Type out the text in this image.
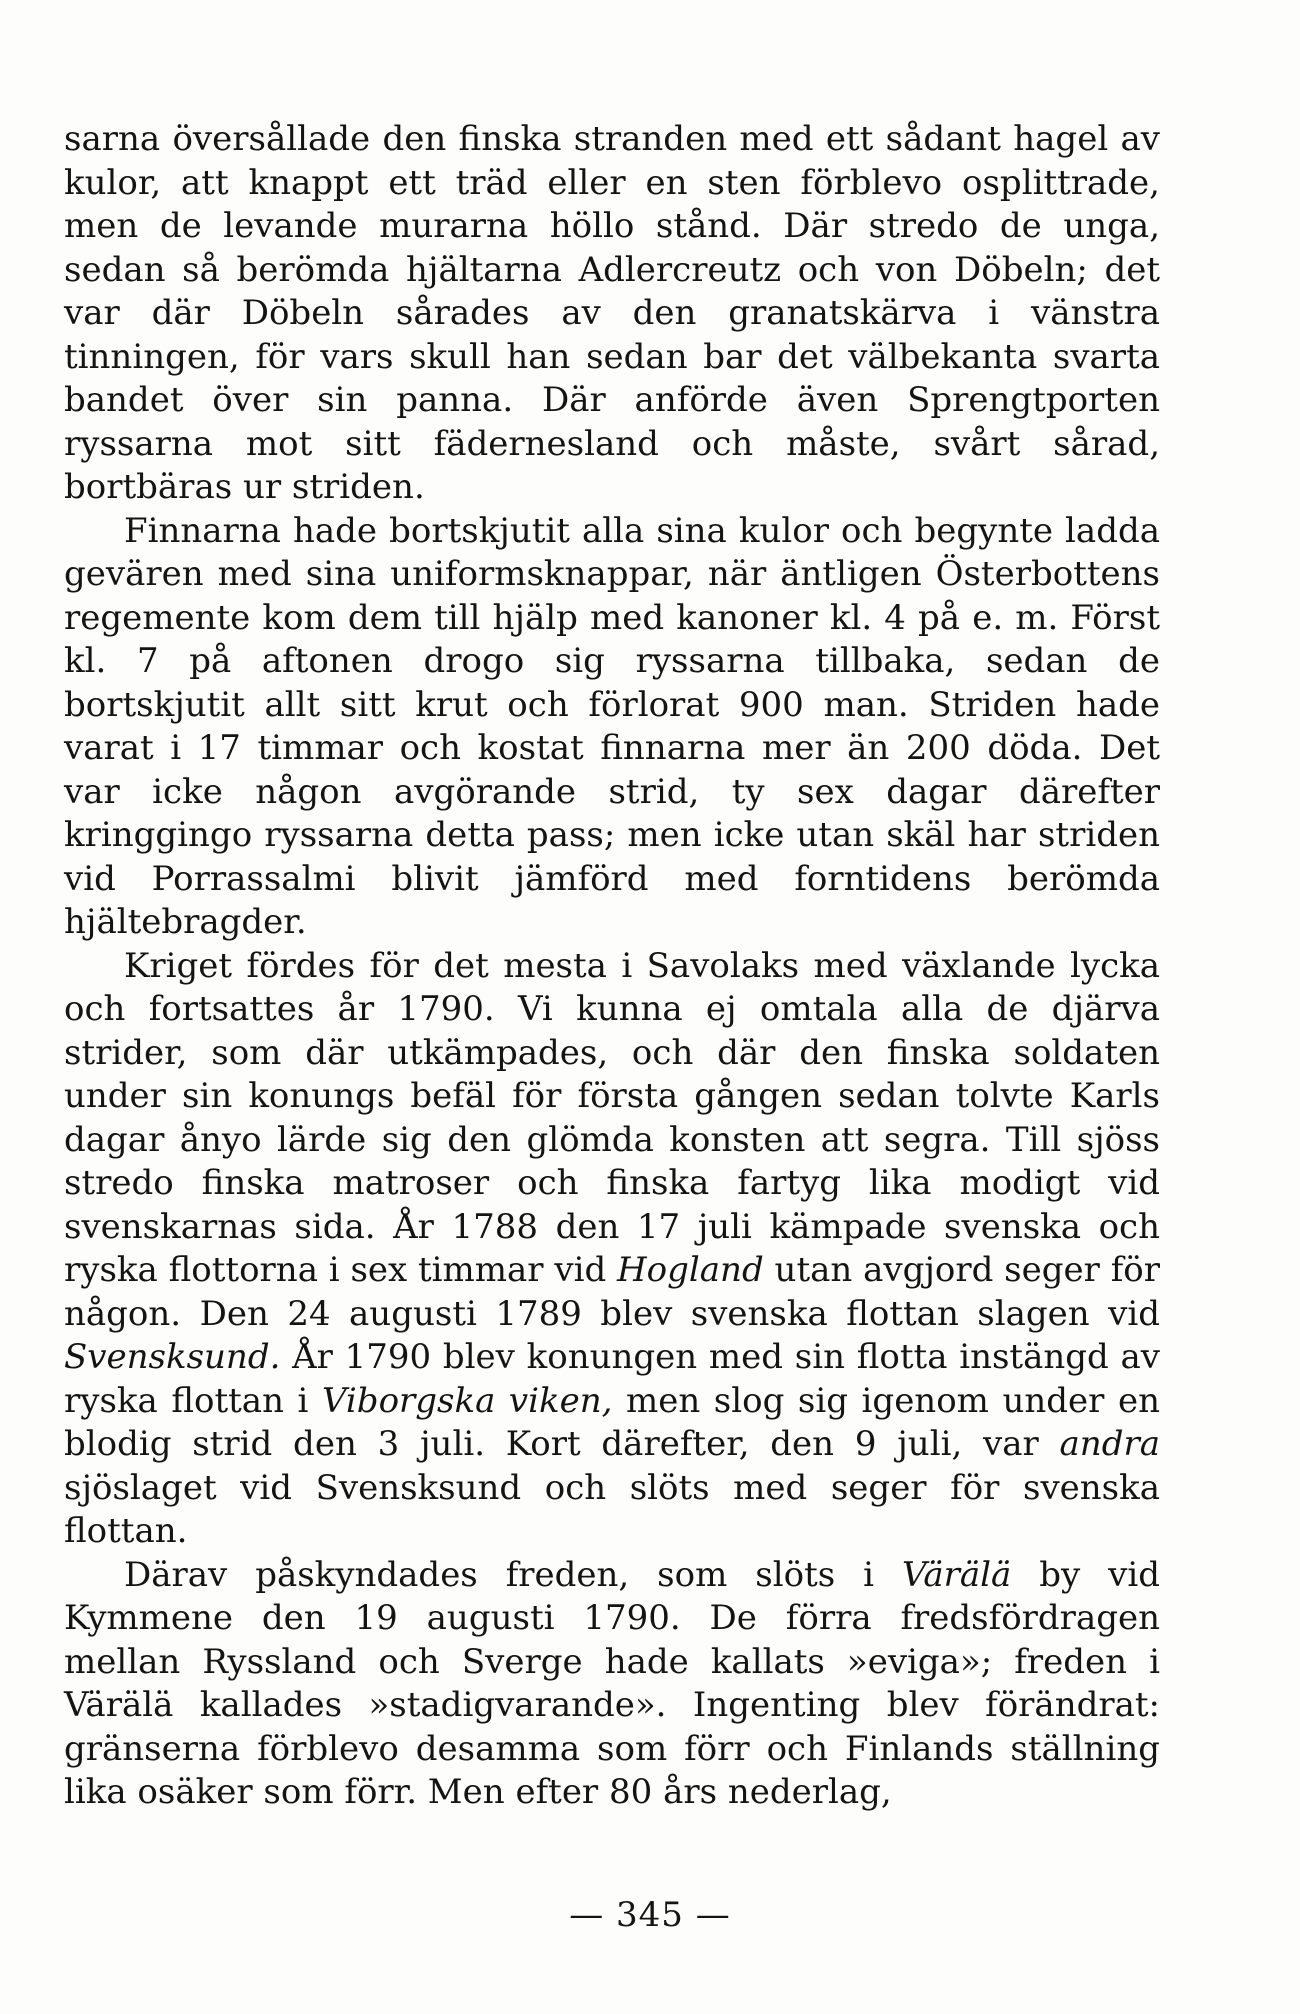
sarna översållade den finska stranden med ett sådant hagel av kulor, att knappt ett träd eller en sten förblevo osplittrade, men de levande murarna höllo stånd. Där stredo de unga, sedan så berömda hjältarna Adlercreutz och von Döbeln; det var där Döbeln sårades av den granatskärva i vänstra tinningen, för vars skull han sedan bar det välbekanta svarta bandet över sin panna. Där anförde även Sprengtporten ryssarna mot sitt fädernesland och måste, svårt sårad, bortbäras ur striden.

Finnarna hade bortskjutit alla sina kulor och begynte ladda gevären med sina uniformsknappar, när äntligen Österbottens regemente kom dem till hjälp med kanoner kl. 4 på e. m. Först kl. 7 på aftonen drogo sig ryssarna tillbaka, sedan de bortskjutit allt sitt krut och förlorat 900 man. Striden hade varat i 17 timmar och kostat finnarna mer än 200 döda. Det var icke någon avgörande strid, ty sex dagar därefter kringgingo ryssarna detta pass; men icke utan skäl har striden vid Porrassalmi blivit jämförd med forntidens berömda hjältebragder.

Kriget fördes för det mesta i Savolaks med växlande lycka och fortsattes år 1790. Vi kunna ej omtala alla de djärva strider, som där utkämpades, och där den finska soldaten under sin konungs befäl för första gången sedan tolvte Karls dagar ånyo lärde sig den glömda konsten att segra. Till sjöss stredo finska matroser och finska fartyg lika modigt vid svenskarnas sida. År 1788 den 17 juli kämpade svenska och ryska flottorna i sex timmar vid Hogland utan avgjord seger för någon. Den 24 augusti 1789 blev svenska flottan slagen vid Svensksund. År 1790 blev konungen med sin flotta instängd av ryska flottan i Viborgska viken, men slog sig igenom under en blodig strid den 3 juli. Kort därefter, den 9 juli, var andra sjöslaget vid Svensksund och slöts med seger för svenska flottan.

Därav påskyndades freden, som slöts i Värälä by vid Kymmene den 19 augusti 1790. De förra fredsfördragen mellan Ryssland och Sverge hade kallats »eviga»; freden i Värälä kallades »stadigvarande». Ingenting blev förändrat: gränserna förblevo desamma som förr och Finlands ställning lika osäker som förr. Men efter 80 års nederlag,

— 345 —
